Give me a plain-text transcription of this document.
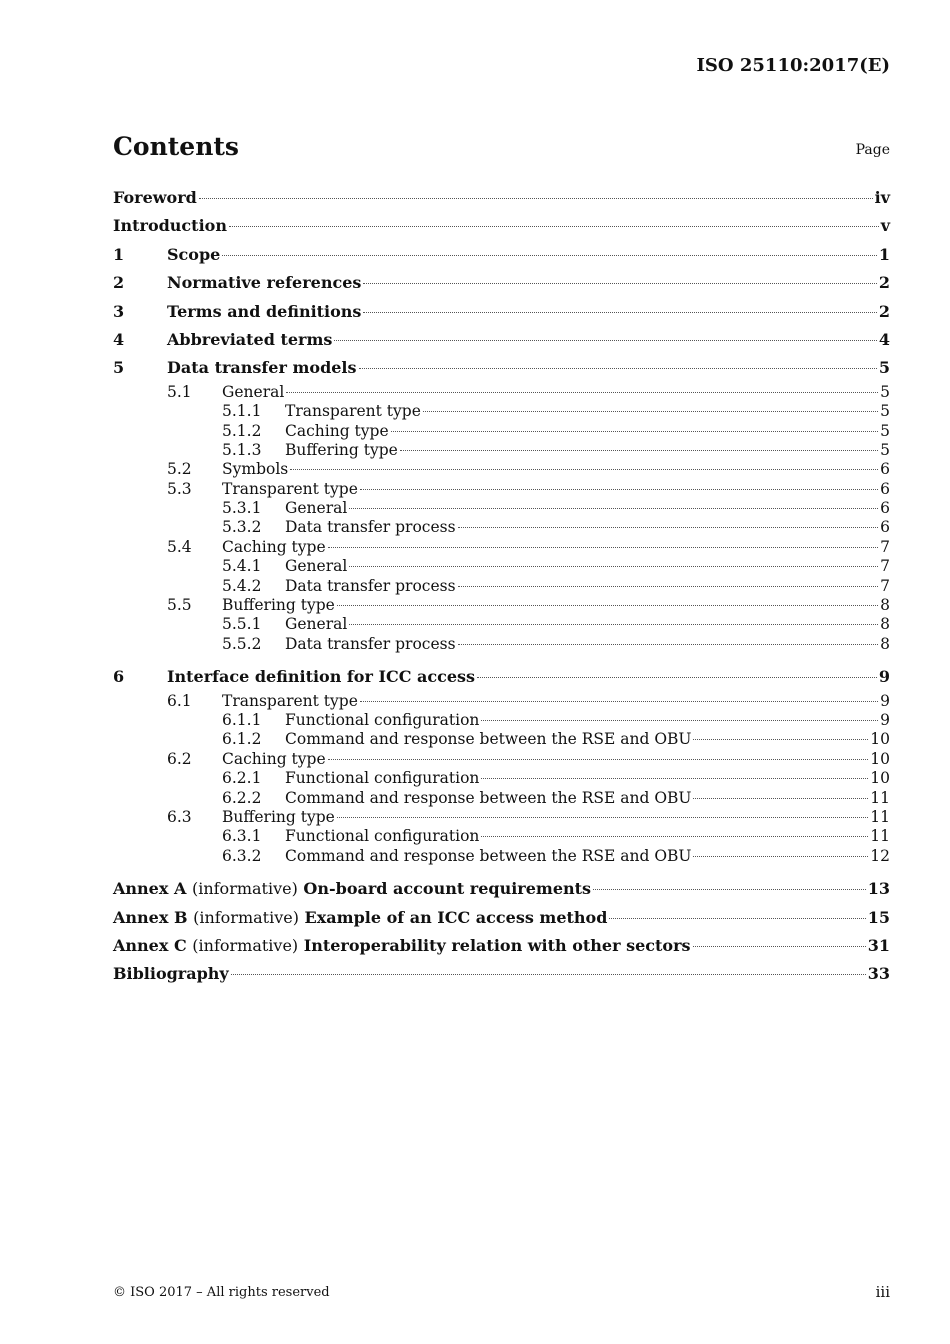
ISO 25110:2017(E)
Contents	Page
Foreword	iv
Introduction	v
1	Scope	1
2	Normative references	2
3	Terms and definitions	2
4	Abbreviated terms	4
5	Data transfer models	5
5.1	General	5
5.1.1	Transparent type	5
5.1.2	Caching type	5
5.1.3	Buffering type	5
5.2	Symbols	6
5.3	Transparent type	6
5.3.1	General	6
5.3.2	Data transfer process	6
5.4	Caching type	7
5.4.1	General	7
5.4.2	Data transfer process	7
5.5	Buffering type	8
5.5.1	General	8
5.5.2	Data transfer process	8
6	Interface definition for ICC access	9
6.1	Transparent type	9
6.1.1	Functional configuration	9
6.1.2	Command and response between the RSE and OBU	10
6.2	Caching type	10
6.2.1	Functional configuration	10
6.2.2	Command and response between the RSE and OBU	11
6.3	Buffering type	11
6.3.1	Functional configuration	11
6.3.2	Command and response between the RSE and OBU	12
Annex A (informative) On-board account requirements	13
Annex B (informative) Example of an ICC access method	15
Annex C (informative) Interoperability relation with other sectors	31
Bibliography	33
© ISO 2017 – All rights reserved	iii
